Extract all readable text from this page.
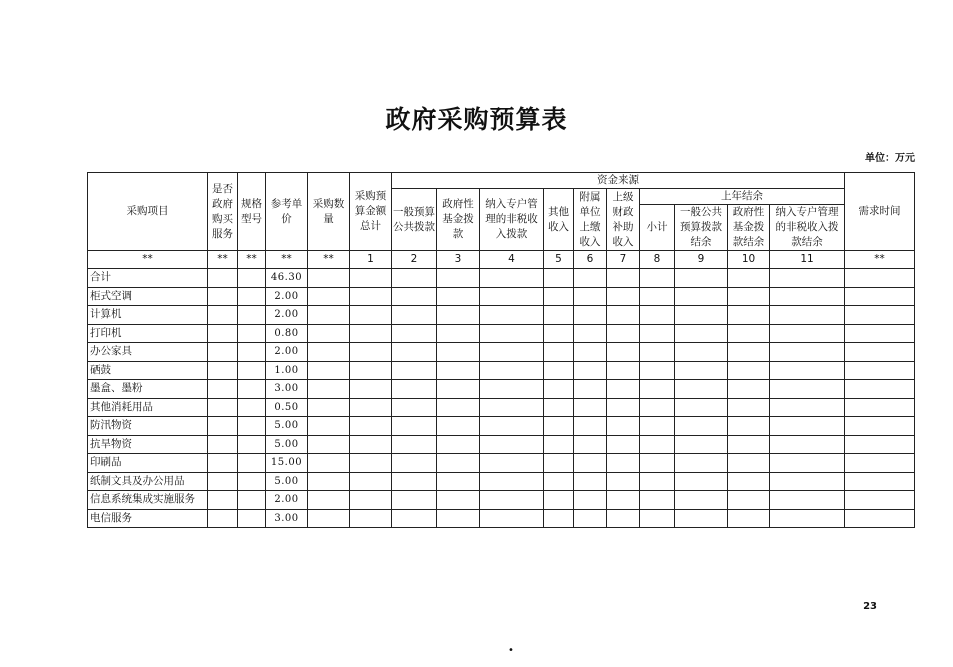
政府采购预算表
单位：万元
采购项目	是否政府购买服务	规格型号	参考单价	采购数量	采购预算金额总计	资金来源										需求时间
						一般预算公共拨款	政府性基金拨款	纳入专户管理的非税收入拨款	其他收入	附属单位上缴收入	上级财政补助收入	上年结余				
												小计	一般公共预算拨款结余	政府性基金拨款结余	纳入专户管理的非税收入拨款结余	

**	**	**	**	**	1	2	3	4	5	6	7	8	9	10	11	**
合计			46.30													
柜式空调			2.00													
计算机			2.00													
打印机			0.80													
办公家具			2.00													
硒鼓			1.00													
墨盒、墨粉			3.00													
其他消耗用品			0.50													
防汛物资			5.00													
抗旱物资			5.00													
印刷品			15.00													
纸制文具及办公用品			5.00													
信息系统集成实施服务			2.00													
电信服务			3.00													
23
•
